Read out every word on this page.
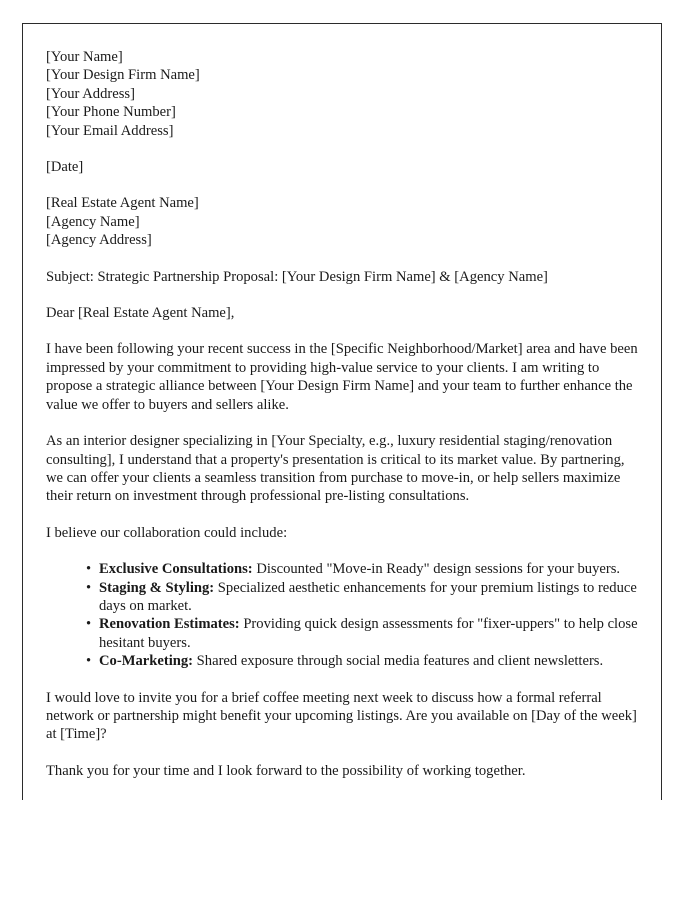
[Your Name]
[Your Design Firm Name]
[Your Address]
[Your Phone Number]
[Your Email Address]
[Date]
[Real Estate Agent Name]
[Agency Name]
[Agency Address]

Subject: Strategic Partnership Proposal: [Your Design Firm Name] & [Agency Name]

Dear [Real Estate Agent Name],

I have been following your recent success in the [Specific Neighborhood/Market] area and have been impressed by your commitment to providing high-value service to your clients. I am writing to propose a strategic alliance between [Your Design Firm Name] and your team to further enhance the value we offer to buyers and sellers alike.

As an interior designer specializing in [Your Specialty, e.g., luxury residential staging/renovation consulting], I understand that a property's presentation is critical to its market value. By partnering, we can offer your clients a seamless transition from purchase to move-in, or help sellers maximize their return on investment through professional pre-listing consultations.

I believe our collaboration could include:

• Exclusive Consultations: Discounted "Move-in Ready" design sessions for your buyers.
• Staging & Styling: Specialized aesthetic enhancements for your premium listings to reduce days on market.
• Renovation Estimates: Providing quick design assessments for "fixer-uppers" to help close hesitant buyers.
• Co-Marketing: Shared exposure through social media features and client newsletters.

I would love to invite you for a brief coffee meeting next week to discuss how a formal referral network or partnership might benefit your upcoming listings. Are you available on [Day of the week] at [Time]?

Thank you for your time and I look forward to the possibility of working together.
